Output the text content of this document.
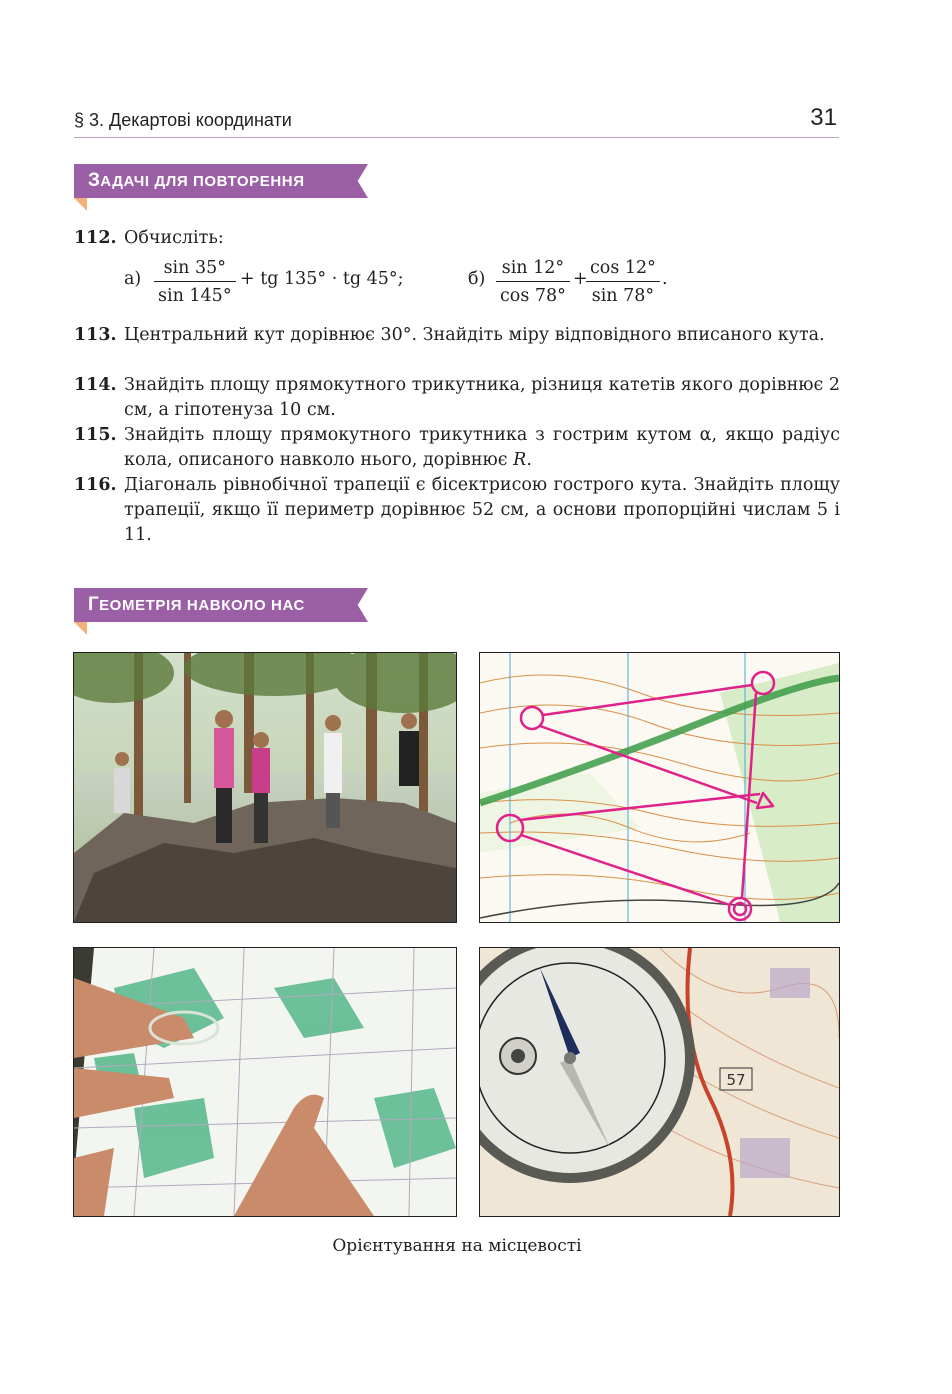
§ 3. Декартові координати	31
ЗАДАЧІ ДЛЯ ПОВТОРЕННЯ
112. Обчисліть:
$а) \frac{\sin 35^\circ}{\sin 145^\circ}$ + tg 135° · tg 45°;	$б) \frac{\sin 12^\circ}{\cos 78^\circ}$ +
$\frac{\cos 12^\circ}{\sin 78^\circ}$ .
113. Центральний кут дорівнює 30°. Знайдіть міру відповідного вписаного кута.
114. Знайдіть площу прямокутного трикутника, різниця катетів якого дорівнює 2 см, а гіпотенуза 10 см.
115. Знайдіть площу прямокутного трикутника з гострим кутом α, якщо радіус кола, описаного навколо нього, дорівнює R.
116. Діагональ рівнобічної трапеції є бісектрисою гострого кута. Знайдіть площу трапеції, якщо її периметр дорівнює 52 см, а основи пропорційні числам 5 і 11.
ГЕОМЕТРІЯ НАВКОЛО НАС
57
Орієнтування на місцевості
